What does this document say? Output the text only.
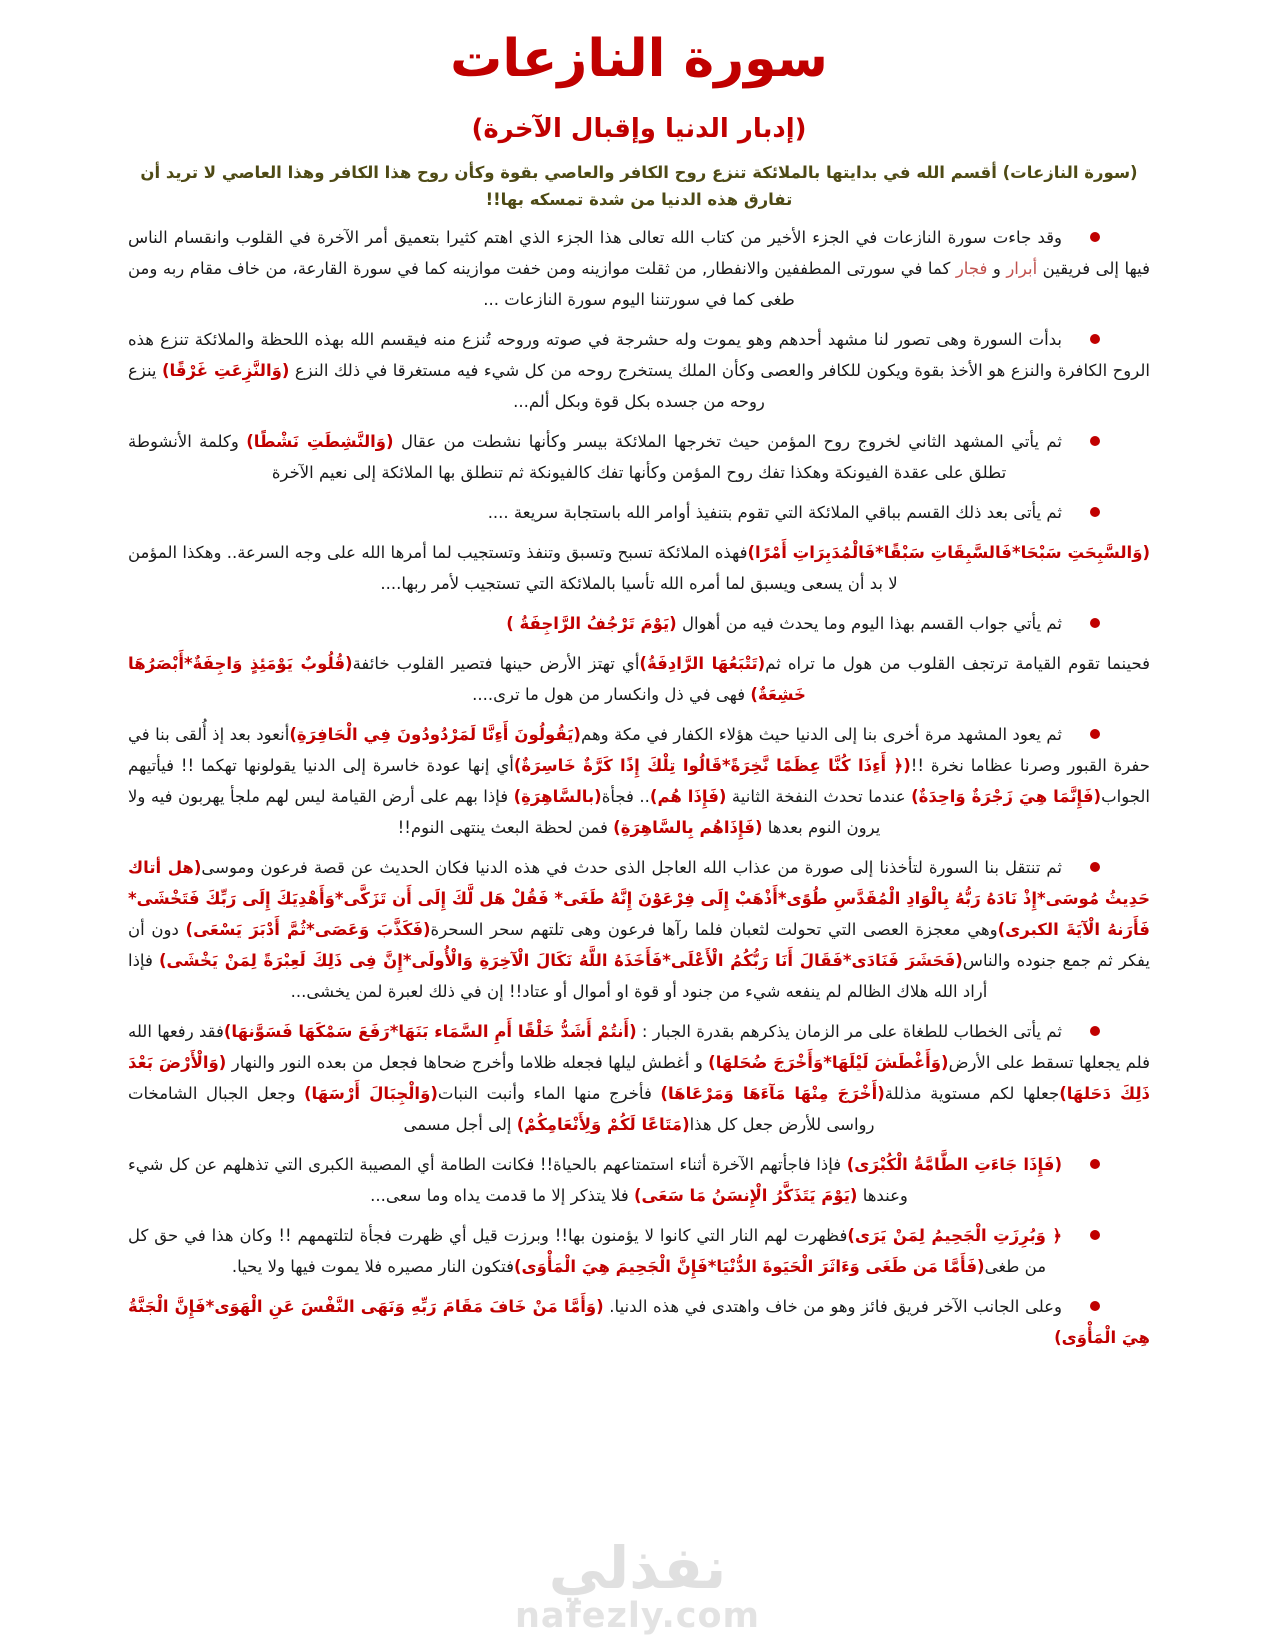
سورة النازعات
(إدبار الدنيا وإقبال الآخرة)
(سورة النازعات) أقسم الله في بدايتها بالملائكة تنزع روح الكافر والعاصي بقوة وكأن روح هذا الكافر وهذا العاصي لا تريد أن تفارق هذه الدنيا من شدة تمسكه بها!!
وقد جاءت سورة النازعات في الجزء الأخير من كتاب الله تعالى هذا الجزء الذي اهتم كثيرا بتعميق أمر الآخرة في القلوب وانقسام الناس فيها إلى فريقين أبرار و فجار كما في سورتى المطففين والانفطار, من ثقلت موازينه ومن خفت موازينه كما في سورة القارعة، من خاف مقام ربه ومن طغى كما في سورتننا اليوم سورة النازعات ...
بدأت السورة وهى تصور لنا مشهد أحدهم وهو يموت وله حشرجة في صوته وروحه تُنزع منه فيقسم الله بهذه اللحظة والملائكة تنزع هذه الروح الكافرة والنزع هو الأخذ بقوة ويكون للكافر والعصى وكأن الملك يستخرج روحه من كل شيء فيه مستغرقا في ذلك النزع (وَالنَّزِعَتِ غَرْقًا) ينزع روحه من جسده بكل قوة وبكل ألم...
ثم يأتي المشهد الثاني لخروج روح المؤمن حيث تخرجها الملائكة بيسر وكأنها نشطت من عقال (وَالنَّشِطَتِ نَشْطًا) وكلمة الأنشوطة تطلق على عقدة الفيونكة وهكذا تفك روح المؤمن وكأنها تفك كالفيونكة ثم تنطلق بها الملائكة إلى نعيم الآخرة
ثم يأتى بعد ذلك القسم بباقي الملائكة التي تقوم بتنفيذ أوامر الله باستجابة سريعة ....
(وَالسَّبِحَتِ سَبْحَا*فَالسَّبِقَاتِ سَبْقًا*فَالْمُدَبِرَاتِ أَمْرًا)فهذه الملائكة تسبح وتسبق وتنفذ وتستجيب لما أمرها الله على وجه السرعة.. وهكذا المؤمن لا بد أن يسعى ويسبق لما أمره الله تأسيا بالملائكة التي تستجيب لأمر ربها....
ثم يأتي جواب القسم بهذا اليوم وما يحدث فيه من أهوال (يَوْمَ تَرْجُفُ الرَّاجِفَةُ )
فحينما تقوم القيامة ترتجف القلوب من هول ما تراه ثم(تَتْبَعُهَا الرَّادِفَةُ)أي تهتز الأرض حينها فتصير القلوب خائفة(قُلُوبٌ يَوْمَئِذٍ وَاجِفَةٌ*أَبْصَرُهَا خَشِعَةٌ) فهى في ذل وانكسار من هول ما ترى....
ثم يعود المشهد مرة أخرى بنا إلى الدنيا حيث هؤلاء الكفار في مكة وهم(يَقُولُونَ أَءِنَّا لَمَرْدُودُونَ فِي الْحَافِرَةِ)أنعود بعد إذ أُلقى بنا في حفرة القبور وصرنا عظاما نخرة !!(﴿ أَءِذَا كُنَّا عِظَمًا نَّخِرَةً*قَالُوا تِلْكَ إِذًا كَرَّةٌ خَاسِرَةٌ)أي إنها عودة خاسرة إلى الدنيا يقولونها تهكما !! فيأتيهم الجواب(فَإِنَّمَا هِيَ زَجْرَةٌ وَاحِدَةٌ) عندما تحدث النفخة الثانية (فَإِذَا هُم).. فجأة(بالسَّاهِرَةِ) فإذا بهم على أرض القيامة ليس لهم ملجأ يهربون فيه ولا يرون النوم بعدها (فَإِذَاهُم بِالسَّاهِرَةِ) فمن لحظة البعث ينتهى النوم!!
ثم تنتقل بنا السورة لتأخذنا إلى صورة من عذاب الله العاجل الذى حدث في هذه الدنيا فكان الحديث عن قصة فرعون وموسى(هل أتاك حَدِيثُ مُوسَى*إِذْ نَادَهُ رَبُّهُ بِالْوَادِ الْمُقَدَّسِ طُوًى*أَذْهَبْ إِلَى فِرْعَوْنَ إِنَّهُ طَغَى* فَقُلْ هَل لَّكَ إِلَى أَن تَزَكَّى*وَأَهْدِيَكَ إِلَى رَبِّكَ فَتَخْشَى* فَأَرَنهُ الْآيَةَ الكبرى)وهي معجزة العصى التي تحولت لثعبان فلما رآها فرعون وهى تلتهم سحر السحرة(فَكَذَّبَ وَعَصَى*ثُمَّ أَدْبَرَ يَسْعَى) دون أن يفكر ثم جمع جنوده والناس(فَحَشَرَ فَنَادَى*فَقَالَ أَنَا رَبُّكُمُ الْأَعْلَى*فَأَخَذَهُ اللَّهُ نَكَالَ الْآخِرَةِ وَالْأُولَى*إِنَّ فِى ذَلِكَ لَعِبْرَةً لِمَنْ يَخْشَى) فإذا أراد الله هلاك الظالم لم ينفعه شيء من جنود أو قوة او أموال أو عتاد!! إن في ذلك لعبرة لمن يخشى...
ثم يأتى الخطاب للطغاة على مر الزمان يذكرهم بقدرة الجبار : (أَنتُمْ أَشَدُّ خَلْقًا أَمِ السَّمَاء بَنَهَا*رَفَعَ سَمْكَهَا فَسَوَّنهَا)فقد رفعها الله فلم يجعلها تسقط على الأرض(وَأَغْطَشَ لَيْلَهَا*وَأَخْرَجَ ضُحَلهَا) و أغطش ليلها فجعله ظلاما وأخرج ضحاها فجعل من بعده النور والنهار (وَالْأَرْضَ بَعْدَ ذَلِكَ دَحَلهَا)جعلها لكم مستوية مذللة(أَخْرَجَ مِنْهَا مَآءَهَا وَمَرْعَاهَا) فأخرج منها الماء وأنبت النبات(وَالْجِبَالَ أَرْسَهَا) وجعل الجبال الشامخات رواسى للأرض جعل كل هذا(مَتَاعًا لَكُمْ وَلِأَنْعَامِكُمْ) إلى أجل مسمى
(فَإِذَا جَاءَتِ الطَّامَّةُ الْكُبْرَى) فإذا فاجأتهم الآخرة أثناء استمتاعهم بالحياة!! فكانت الطامة أي المصيبة الكبرى التي تذهلهم عن كل شيء وعندها (يَوْمَ يَتَذَكَّرُ الْإِنسَنُ مَا سَعَى) فلا يتذكر إلا ما قدمت يداه وما سعى...
﴿ وَبُرِزَتِ الْجَحِيمُ لِمَنْ يَرَى)فظهرت لهم النار التي كانوا لا يؤمنون بها!! وبرزت قيل أي ظهرت فجأة لتلتهمهم !! وكان هذا في حق كل من طغى(فَأَمَّا مَن طَغَى وَءَاثَرَ الْحَيَوةَ الدُّنْيَا*فَإِنَّ الْجَحِيمَ هِيَ الْمَأْوَى)فتكون النار مصيره فلا يموت فيها ولا يحيا.
وعلى الجانب الآخر فريق فائز وهو من خاف واهتدى في هذه الدنيا. (وَأَمَّا مَنْ خَافَ مَقَامَ رَبِّهِ وَنَهَى النَّفْسَ عَنِ الْهَوَى*فَإِنَّ الْجَنَّةُ هِيَ الْمَأْوَى)
نفذلي
nafezly.com
